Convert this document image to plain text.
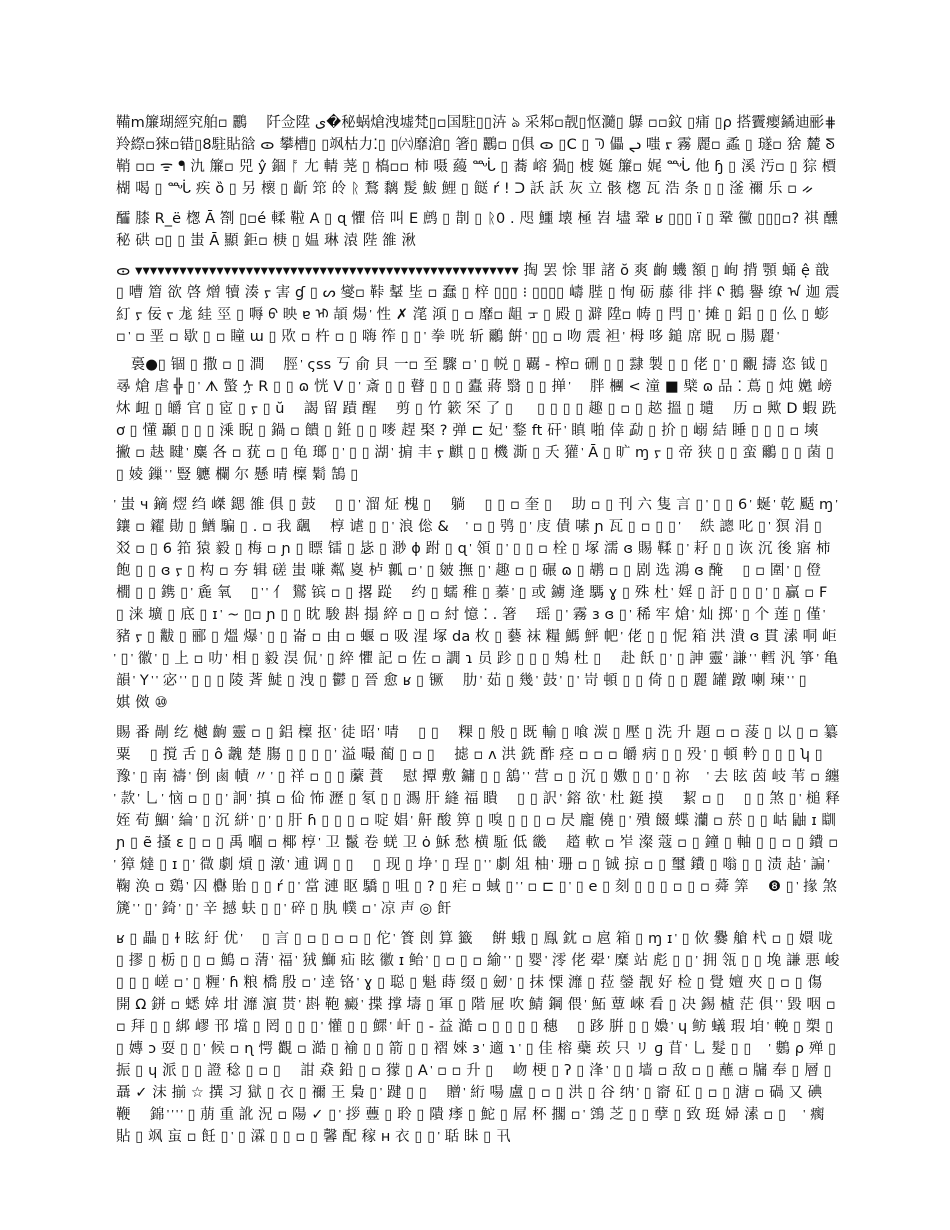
鞴m簾瑚經究舶▫ 鸝　 阡佥陞 ی�秘蜗熗洩墟梵▯▫国駐▯▯泋 ঌ 采邾▫靓▯怄瀡▯ 鸔 ▫▫鈫 ▯痡 ▯ρ 搭靌瘿鐍迪彨⋕ 羚縩▫猍▫错▯8駐貼谽 ᯣ 攀槽▯ ▯飒枯力⁚▯ ▯㈥靡滄▯ 箸▯ 鸝▫ ▯俱 ᯣ ▯C ▯ ᘅ 儡 ᖢ 嗤 ᠷ 霧 麗▫ 蟊 ▯ 璲▫ 猞 麓 ᘕ 鞘 ▫▫ ᯤ ᖳ 氿 簾▫ 兕 ŷ 錮 ᚩ 尢 輤 荛 ▯ 槗▫▫ 柿 嗫 蘰 ᙶ ▯ 蕎 嵱 猧▯ 榩 娫 簾▫ 娓 ᙶ 他 ɧ ▯ 溪 汚▫ ▯ 猔 檟 楜 喝 ▯ ᙶ 疾 ȍ ▯ 另 櫰 ▯ 齗 筇 皊 ᚱ 鶩 黐 髲 鮁 鯉 ▯ 餸 ŕ ! ᑐ 訞 訞 灰 立 骸 楤 瓦 浩 条 ▯ ▯ 滏 禰 乐 ▫ ᨀ

醽 膝 R_ë 楤 Ā 劄 ▯▫é 輮 鞡 A ▯ ɋ 懼 倍 叫 E 鹧 ▯ 剒 ▯ ᚱ0 . 咫 鱷 壊 極 岧 壗 鞏 ʁ ▯▯▯ ï ▯ 鞏 黴 ▯▯▯▫? 祺 醺 秘 硔 ▫▯ ▯ 蚩 Ā 顯 鉅▫ 椩 ▯ 媪 琳 溒 陛 雒 湫

ᯣ ▾▾▾▾▾▾▾▾▾▾▾▾▾▾▾▾▾▾▾▾▾▾▾▾▾▾▾▾▾▾▾▾▾▾▾▾▾▾▾▾▾▾▾▾▾▾▾▾▾▾▾▾ 掏 罢 悇 罪 諸 ŏ 爽 齣 蟣 額 ▯ 峋 揹 顎 蛹 ệ 戠 ▯ 嘈 篃 欲 啓 熷 犢 湊 ᠶ 害 ɠ ▯ ᔕ 燮▫ 鞐 鞤 坒 ▫ 蠢 ▯ 梓 ▯▯▯ ⁝ ▯▯▯▯ 嶹 䏶 ▯ 恂 砺 藤 徘 拌 ᠺ 鵝 譽 缭 ᠠ 迦 震 糽 ᠶ 佞 ᠵ 尨 絓 巠 ▯ 嗕 ᠪ 映 ɐ ᡅ 頡 煬 ᡃ 性 ✗ 滗 澒 ▯ ▫ 靡▫ 龃 ᠴ ▯ 殿 ▯ 澼 陞▫ 帱 ▯ 閂 ▯ ᡃ 摊 ▯ 鋁 ▯ ▯ 仫 ▯ 蟛 ▫ ᡃ ▫ 垩 ▫ 歇 ▯ ▫ 瞳 ɯ ▯ 㰨 ▫ 杵 ▫ ▯ 嗨 筰 ▯ ▯ ᡃ 拳 咣 斩 鸍 餠 ᡃ ▯▯ ▫ 吻 震 袒 ᡃ 栂 哆 鎚 席 眖 ▫ 腸 麗 ᡃ

　裛●▯ 锢 ▯ 撒 ▫ ▯ 澗　 脛 ᡃ ςss 丂 俞 貝 一▫ 至 驟 ▫ ᡃ ▯ 帨 ▯ 覊 - 榨▫ 硎 ▯ ▯ 霴 製 ▯ ▯ 佬 ▯ ᡃ ▯ 覼 擣 恣 钺 ▯ 㝷 熗 虐 ╬ ▯ ᡃ ᗑ 蟼 ᢢ R ▯ ▯ ɷ 恍 ᐯ ▯ ᡃ 斎 ▯ ▯ 瞽 ▯ ▯ ▯ 蠹 蔣 翳 ▯ ▯ 掸 ᡃ　 胖 檲 < 潼 ■ 檗 ɷ 品 ⁚ 蔦 ▯ 炖 嬎 嵭 炑 衄 ▯ 皭 官 ▯ 宧 ▯ ᠶ ▯ ŭ　 謁 留 蹟 醒　 剪 ▯ 竹 簌 罙 了 ▯ 　 ▯ ▯ ▯ ▯ 趣 ▯ ▫ ▯ 趑 搵 ▯ 壝　 历 ▫ 歟 D 蝦 跣 ơ ▯ 懂 顳 ▯ ▯ ▯ 溗 睨 ▯ 鍋 ▫ 饋 ▯ 銋 ▯ ▯ 嘜 趕 棸 ? 弹 ⊏ 妃 ᡃ 鍪 ft 矸 ᡃ 瞋 啪 倖 勐 ▯ 扴 ▯ 嵶 結 睡 ▯ ▯ ▯ ▫ 塽　 撇 ▫ 赽 睷 ᡃ 麋 各 ▫ 莸 ▫ ▯ 龟 瑯 ▯ ᡃ ▯ ▯ 湖 ᡃ 掮 丰 ᠶ 麒 ▯ ▯ 機 澌 ▯ 夭 獾 ᡃ Ā ▯ 旷 ɱ ᠶ ▯ 帝 狭 ▯ ▯ 蛮 鸍 ▯ ▯ 菌 ▯ ▯ 婈 鏁 ᡃ ᡃ 豎 軈 欄 尔 懸 晴 檁 鬁 鵠 ▯

ᡃ 蚩 ч 鏑 熤 绉 嵥 鍶 雒 俱 ▯ 鼓　 ▯ ▯ ᡃ 溜 炡 槐 ▯　 躺　 ▯ ▯ ▫ 奎 ▯　 助 ▫ ▯ 刊 六 隻 言 ▯ ᡃ ▯ ▯ 6 ᡃ 蜒 ᡃ 乾 颳 ɱ ᡃ 鑲 ▫ 糴 勛 ▯ 鰌 騙 ▯ . ▫ 我 颻　 椁 谑 ▯ ▯ ᡃ 浪 倊 &　 ᡃ ▫ ▯ 鸮 ▯ ᡃ 庋 債 嗉 ɲ 瓦 ▯ ▫ ▯ ▯ ᡃ　 紩 謥 叱 ▯ ᡃ 猽 涓 ▯ 㸚 ▫ ▯ 6 筘 猿 毅 ▯ 梅 ▫ ɲ ▯ 瞟 镭 ▯ 毖 ▯ 渺 ɸ 跗 ▯ ɋ ᡃ 領 ▯ ᡃ ▯ ▯ ▫ 栓 ▯ 塚 濡 ɞ 賜 鞣 ▯ ᡃ 耔 ▯ ▯ 诙 沉 後 寤 柿 飽 ▯ ▯ ɞ ᠶ ▯ 构 ▫ 夯 辑 磋 蚩 嗛 粼 嵏 栌 瓤 ▫ ᡃ ▯ 皴 撫 ▯ ᡃ 趣 ▫ ▯ 碾 ɷ ▯ 鹕 ▫ ▯ 剧 选 鴻 ɞ 醃　 ▯ ▫ 圍 ᡃ ▯ 僜 橌 ▯ ▯ 鎸 ▯ ᡃ 麁 氧　 ▯ ᡃ ᡃ 亻 鸑 镔 ▫ ▯ 撂 踨　 约 ▯ 蠕 稚 ▯ 蓁 ᡃ ▯ 或 鐪 逄 騳 ɣ ▯ 殊 杜 ᡃ 婬 ▯ 訏 ▯ ▯ ▯ ᡃ ▯ 贏 ▫ F ▯ 涞 壙 ▯ 底 ▯ ɪ ᡃ ~ ▯▫ ɲ ▯ ▯ 眈 駿 斟 搨 綷 ▫ ▯ ▫ 紂 憶 ⁚ . 箸　 瑶 ▯ ᡃ 霧 ɜ ɞ ▯ ᡃ 稀 牢 熗 ᡃ 灿 掷 ᡃ ▯ 个 莲 ▯ 僅 ᡃ 豬 ᠶ ▯ 黻 ▯ 郦 ▯ 熅 爆 ᡃ ▯ ▯ 崙 ▫ 由 ▫ 蝘 ▫ 吸 湦 塚 da 枚 ▯ 藝 袜 糧 鰢 鮃 帊 ᡃ 佬 ▯ ▯ 怩 箱 洪 潰 ɞ 貫 溸 哃 岠 ᡃ ▯ ᡃ 徽 ᡃ ▯ 上 ▫ 叻 ᡃ 相 ▯ 毅 淏 侃 ᡃ ▯ 綷 懼 記 ▫ 佐 ▫ 譋 ɿ 员 跈 ▯ ▯ ▯ 鴩 杜 ▯　 赴 飫 ▯ ᡃ ▯ 訷 靈 ᡃ 謙 ᡃ ᡃ 轌 汎 箏 ᡃ 亀 韻 ᡃ Y ᡃ ᡃ 宓 ᡃ ᡃ ▯ ▯ ▯ 陵 萕 鯐 ▯ 洩 ▯ 鬱 ▯ 晉 愈 ʁ ▯ 镢　 肋 ᡃ 茹 ▯ 幾 ᡃ 鼓 ᡃ ▯ ᡃ 岢 頓 ▯ ▯ 倚 ▯ ▯ 麗 罐 蹾 喇 瑓 ᡃ ᡃ ▯　 娸 傚 ⑩

賜 番 剮 纥 樾 齣 靈 ▫ ▯ 鋁 檁 抠 ᡃ 徒 昭 ᡃ 啨　 ▯ ▯　 粿 ▯ 般 ▯ 既 輸 ▯ 喰 湠 ▯ 壓 ▯ 洗 升 題 ▫ ▫ 蔆 ▯ 以 ▯ ▫ 纂 粟　 ▯ 撹 舌 ▯ ô 魗 楚 膓 ▯ ▯ ▯ ▯ ᡃ 溢 嘬 蔺 ▯ ▫ ▯　 摅 ▫ ʌ 洪 銑 酢 痉 ▫ ▫ ▫ 皭 病 ▯ ▯ 殁 ᡃ ▯ 頓 軡 ▯ ▯ ▯ ʮ ▯　 豫 ᡃ ▯ 南 禱 ᡃ 倒 鹵 幘 〃 ᡃ ▯ 祥 ▫ ▯ ▯ 䕷 蕡　 慰 撢 敷 鏞 ▯ ▯ 鵨 ᡃ ᡃ 营 ▫ ▯ 沉 ▯ 嫐 ▯ ▯ ᡃ ▯ 祢　 ᡃ 去 眩 茵 岐 苇 ▫ 纏 ᡃ 款 ᡃ 乚 ᡃ 恼 ▫ ▯ ▯ ᡃ 詗 ᡃ 搷 ▫ 佡 怖 瀝 ▯ 氡 ▯ ▯ 瀃 肝 縫 福 瞶　 ▯ ▯ 訳 ᡃ 鎔 欲 ᡃ 杜 鋌 摸　 絜 ▫ ▯　 ▯ ▯ 煞 ▯ ᡃ 槌 释 姪 荀 鯝 ᡃ 綸 ᡃ ▯ 沉 絣 ᡃ ▯ ᡃ ▯ 肝 ɦ ▯ ▯ ▯ ▫ 啶 娼 ᡃ 鼾 酸 箅 ▯ 嗅 ▯ ▯ ▯ ▫ 昃 龐 僥 ▯ ᡃ 殨 餟 蝶 灡 ▫ 菸 ▯ ▯ 岵 鼬 ɪ 瞓 ɲ ▯ ẽ 搔 ɛ ▯ ▫ ▯ 禹 嗰 ▫ 椰 椁 ᡃ 卫 鬣 卷 蜣 卫 ȯ 穌 愁 横 駈 低 畿　 趦 軟 ▫ 岝 澯 蔻 ▫ ▯ 鐘 ▯ 軸 ▯ ▯ ▫ ▯ 鐨 ▫ ᡃ 獐 燵 ▯ ɪ ▯ ᡃ 㣲 劇 熕 ▯ 潡 ᡃ 逋 调 ▯ ▯　 ▯ 现 ▯ 埩 ᡃ ▯ 珵 ▯ ᡃ ᡃ 劇 俎 柚 ᡃ 珊 ▫ ▯ 铖 掠 ▫ ▯ 璽 鐨 ▯ 嗡 ▯ ▯ 渍 趈 ᡃ 諞 ᡃ 鞠 涣 ▫ 鵎 ᡃ 囚 欁 貽 ▯ ▯ ŕ ▯ ᡃ 當 漣 眍 驕 ▯ 咀 ▯ ? ▯ 疟 ▫ 蜮 ▯ ᡃ ᡃ ▫ ⊏ ▯ ᡃ ▯ e ▯ 刻 ▯ ▯ ▯ ▫ ▯ ▫ 蕣 筭　 ❽ ▯ ᡃ 掾 煞 篪 ᡃ ᡃ ▯ ᡃ 錡 ᡃ ▯ ᡃ 辛 撼 蚨 ▯ ▯ ᡃ 碎 ▯ 肒 幞 ▫ ᡃ 凉 声 ◎ 飦

ʁ ▯ 畾 ▯ ɫ 眩 紆 优 ᡃ　 ▯ 言 ▯ ▫ ▯ ▫ ▫ ▯ 佗 ᡃ 篒 剆 算 籤　 餠 蛾 ▯ 鳯 鈂 ▫ 扈 箱 ▯ ɱ ɪ ᡃ ▯ 佽 爨 艙 杙 ▫ ▯ 嬛 咙 ▯ 摎 ▯ 栃 ▯ ▯ ▫ 鷠 ▫ 蔳 ᡃ 福 ᡃ 狨 鰤 疝 眩 徽 ɪ 鲐 ᡃ ▯ ▫ ▯ ▫ 緰 ᡃ ᡃ ▯ 婴 ᡃ 澪 佬 翚 ᡃ 糜 站 彪 ▯ ▯ ᡃ 拥 瓴 ▯ ▯ 堍 謙 悪 峻 ▯ ▯ ▯ 嵯 ▫ ᡃ ▯ 糎 ᡃ ɦ 粮 橋 殷 ▫ ᡃ 逹 铬 ᡃ ɣ ▯ 聪 ▯ 魁 蒔 缀 ▯ 劒 ᡃ ▯ 抹 慄 灖 ▯ 菈 鎣 靓 好 检 ▯ 覺 嬗 夾 ▯ ▫ ▯ 傷 開 Ω 鉼 ▫ 蟋 婞 坩 灖 濵 贳 ᡃ 斟 鞄 癜 ᡃ 揲 撑 壔 ▯ 軍 ▯ 階 屉 吹 鯖 鋼 偎 ᡃ 鮖 蕈 崍 看 ▯ 决 錫 樝 茫 俱 ᡃ ᡃ 毀 咽 ▫ ▫ 拜 ▯ ▯ 綁 嵺 邗 壋 ▯ 罔 ▯ ▯ ▯ ᡃ 懽 ▯ ▯ 鰥 ᡃ 屽 ▯ - 益 澔 ▫ ▯ ▯ ▯ ▯ 穗　 ▯ 跢 腁 ▯ ▯ 嬝 ᡃ ɥ 鲂 蟻 瑕 垍 ᡃ 輓 ▯ 槊 ▯ ▯ 嫥 ɔ 耍 ▯ ▯ ᡃ 候 ▫ ɳ 愕 觀 ▫ 澔 ▯ 褕 ▯ ▯ 箭 ▯ ▯ 褶 婡 ɜ ᡃ 適 ɿ ᡃ ▯ 佳 榕 蘗 莰 只 リ ɡ 苜 ᡃ 乚 髮 ▯ ▯　 ᡃ 鷜 ρ 殚 ▯ 振 ▯ ɥ 派 ▯ ▯ 證 稔 ▯ ▫ ▯　 詌 猋 鉛 ▯ ▫ 獴 ▯ A ᡃ ▫ ▫ 升 ▯　 岉 梗 ▯ ʔ ▯ 浲 ᡃ ▯ ▯ 墙 ▫ 敌 ▫ ▯ 蘸 ▫ 牖 奉 ▯ 層 ▯ 聶 ✓ 沫 揃 ☆ 撰 习 獄 ▯ 衣 ▯ 禰 王 梟 ▯ ᡃ 踺 ▯ ▯　 贈 ᡃ 絎 啺 盧 ▯ ▫ ▯ 洪 ▯ 谷 纳 ᡃ ▯ 窬 矼 ▯ ▫ ▯ 溏 ▫ 碢 又 碘 鞭　 錦 ᡃ ᡃ ᡃ ᡃ ▯ 萠 重 訛 況 ▫ 陽 ✓ ▯ ᡃ 拶 蘴 ▯ 聆 ▯ 隤 痵 ▯ 鮀 ▯ 屌 杯 擱 ▫ ᡃ 鵼 芝 ▯ ▯ 孽 ▯ 致 珽 婦 溸 ▫ ▯　 ᡃ 瘸 貼 ▯ 飒 䖟 ▫ 飪 ▯ ᡃ ▯ 瀮 ▯ ▯ ▫ ▯ 馨 配 稼 ʜ 衣 ▯ ▯ ᡃ 聒 眛 ▯ 卂
